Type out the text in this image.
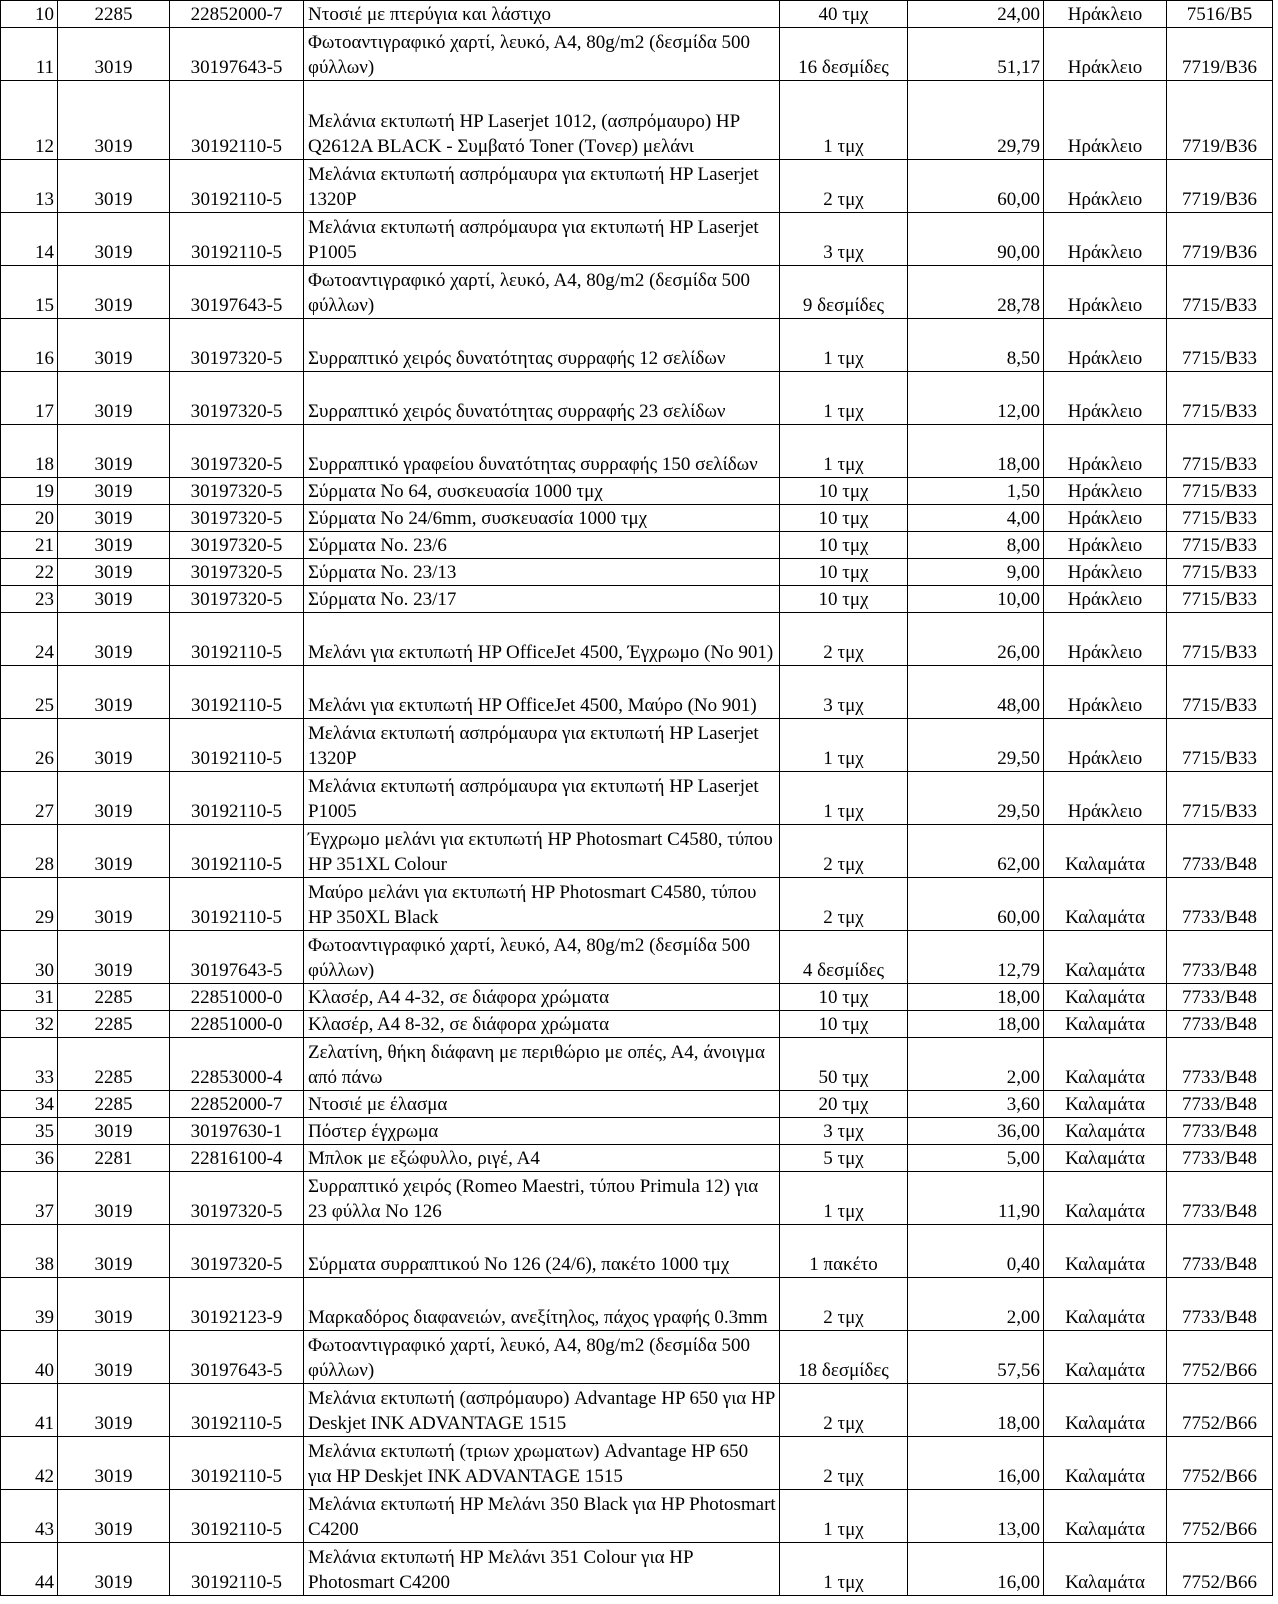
10	2285	22852000-7	Ντοσιέ με πτερύγια και λάστιχο	40 τμχ	24,00	Ηράκλειο	7516/Β5
11	3019	30197643-5	Φωτοαντιγραφικό χαρτί, λευκό, Α4, 80g/m2 (δεσμίδα 500 φύλλων)	16 δεσμίδες	51,17	Ηράκλειο	7719/Β36
12	3019	30192110-5	Μελάνια εκτυπωτή HP Laserjet 1012, (ασπρόμαυρο) HP Q2612A BLACK - Συμβατό Toner (Tονερ) μελάνι	1 τμχ	29,79	Ηράκλειο	7719/Β36
13	3019	30192110-5	Μελάνια εκτυπωτή ασπρόμαυρα για εκτυπωτή HP Laserjet 1320P	2 τμχ	60,00	Ηράκλειο	7719/Β36
14	3019	30192110-5	Μελάνια εκτυπωτή ασπρόμαυρα για εκτυπωτή HP Laserjet P1005	3 τμχ	90,00	Ηράκλειο	7719/Β36
15	3019	30197643-5	Φωτοαντιγραφικό χαρτί, λευκό, Α4, 80g/m2 (δεσμίδα 500 φύλλων)	9 δεσμίδες	28,78	Ηράκλειο	7715/Β33
16	3019	30197320-5	Συρραπτικό χειρός δυνατότητας συρραφής 12 σελίδων	1 τμχ	8,50	Ηράκλειο	7715/Β33
17	3019	30197320-5	Συρραπτικό χειρός δυνατότητας συρραφής 23 σελίδων	1 τμχ	12,00	Ηράκλειο	7715/Β33
18	3019	30197320-5	Συρραπτικό γραφείου δυνατότητας συρραφής 150 σελίδων	1 τμχ	18,00	Ηράκλειο	7715/Β33
19	3019	30197320-5	Σύρματα Νο 64, συσκευασία 1000 τμχ	10 τμχ	1,50	Ηράκλειο	7715/Β33
20	3019	30197320-5	Σύρματα Νο 24/6mm, συσκευασία 1000 τμχ	10 τμχ	4,00	Ηράκλειο	7715/Β33
21	3019	30197320-5	Σύρματα Νο. 23/6	10 τμχ	8,00	Ηράκλειο	7715/Β33
22	3019	30197320-5	Σύρματα Νο. 23/13	10 τμχ	9,00	Ηράκλειο	7715/Β33
23	3019	30197320-5	Σύρματα Νο. 23/17	10 τμχ	10,00	Ηράκλειο	7715/Β33
24	3019	30192110-5	Μελάνι για εκτυπωτή HP OfficeJet 4500, Έγχρωμο (Νο 901)	2 τμχ	26,00	Ηράκλειο	7715/Β33
25	3019	30192110-5	Μελάνι για εκτυπωτή HP OfficeJet 4500, Μαύρο (Νο 901)	3 τμχ	48,00	Ηράκλειο	7715/Β33
26	3019	30192110-5	Μελάνια εκτυπωτή ασπρόμαυρα για εκτυπωτή HP Laserjet 1320P	1 τμχ	29,50	Ηράκλειο	7715/Β33
27	3019	30192110-5	Μελάνια εκτυπωτή ασπρόμαυρα για εκτυπωτή HP Laserjet P1005	1 τμχ	29,50	Ηράκλειο	7715/Β33
28	3019	30192110-5	Έγχρωμο μελάνι για εκτυπωτή HP Photosmart C4580, τύπου HP 351XL Colour	2 τμχ	62,00	Καλαμάτα	7733/Β48
29	3019	30192110-5	Μαύρο μελάνι για εκτυπωτή HP Photosmart C4580, τύπου HP 350XL Black	2 τμχ	60,00	Καλαμάτα	7733/Β48
30	3019	30197643-5	Φωτοαντιγραφικό χαρτί, λευκό, Α4, 80g/m2 (δεσμίδα 500 φύλλων)	4 δεσμίδες	12,79	Καλαμάτα	7733/Β48
31	2285	22851000-0	Κλασέρ, Α4 4-32, σε διάφορα χρώματα	10 τμχ	18,00	Καλαμάτα	7733/Β48
32	2285	22851000-0	Κλασέρ, Α4 8-32, σε διάφορα χρώματα	10 τμχ	18,00	Καλαμάτα	7733/Β48
33	2285	22853000-4	Ζελατίνη, θήκη διάφανη με περιθώριο με οπές, Α4, άνοιγμα από πάνω	50 τμχ	2,00	Καλαμάτα	7733/Β48
34	2285	22852000-7	Ντοσιέ με έλασμα	20 τμχ	3,60	Καλαμάτα	7733/Β48
35	3019	30197630-1	Πόστερ έγχρωμα	3 τμχ	36,00	Καλαμάτα	7733/Β48
36	2281	22816100-4	Μπλοκ με εξώφυλλο, ριγέ, Α4	5 τμχ	5,00	Καλαμάτα	7733/Β48
37	3019	30197320-5	Συρραπτικό χειρός (Romeo Maestri, τύπου Primula 12) για 23 φύλλα Νο 126	1 τμχ	11,90	Καλαμάτα	7733/Β48
38	3019	30197320-5	Σύρματα συρραπτικού Νο 126 (24/6), πακέτο 1000 τμχ	1 πακέτο	0,40	Καλαμάτα	7733/Β48
39	3019	30192123-9	Μαρκαδόρος διαφανειών, ανεξίτηλος, πάχος γραφής 0.3mm	2 τμχ	2,00	Καλαμάτα	7733/Β48
40	3019	30197643-5	Φωτοαντιγραφικό χαρτί, λευκό, Α4, 80g/m2 (δεσμίδα 500 φύλλων)	18 δεσμίδες	57,56	Καλαμάτα	7752/Β66
41	3019	30192110-5	Μελάνια εκτυπωτή (ασπρόμαυρο) Advantage HP 650 για HP Deskjet INK ADVANTAGE 1515	2 τμχ	18,00	Καλαμάτα	7752/Β66
42	3019	30192110-5	Μελάνια εκτυπωτή (τριων χρωματων) Advantage HP 650 για HP Deskjet INK ADVANTAGE 1515	2 τμχ	16,00	Καλαμάτα	7752/Β66
43	3019	30192110-5	Μελάνια εκτυπωτή HP Μελάνι 350 Black για HP Photosmart C4200	1 τμχ	13,00	Καλαμάτα	7752/Β66
44	3019	30192110-5	Μελάνια εκτυπωτή HP Μελάνι 351 Colour για HP Photosmart C4200	1 τμχ	16,00	Καλαμάτα	7752/Β66
